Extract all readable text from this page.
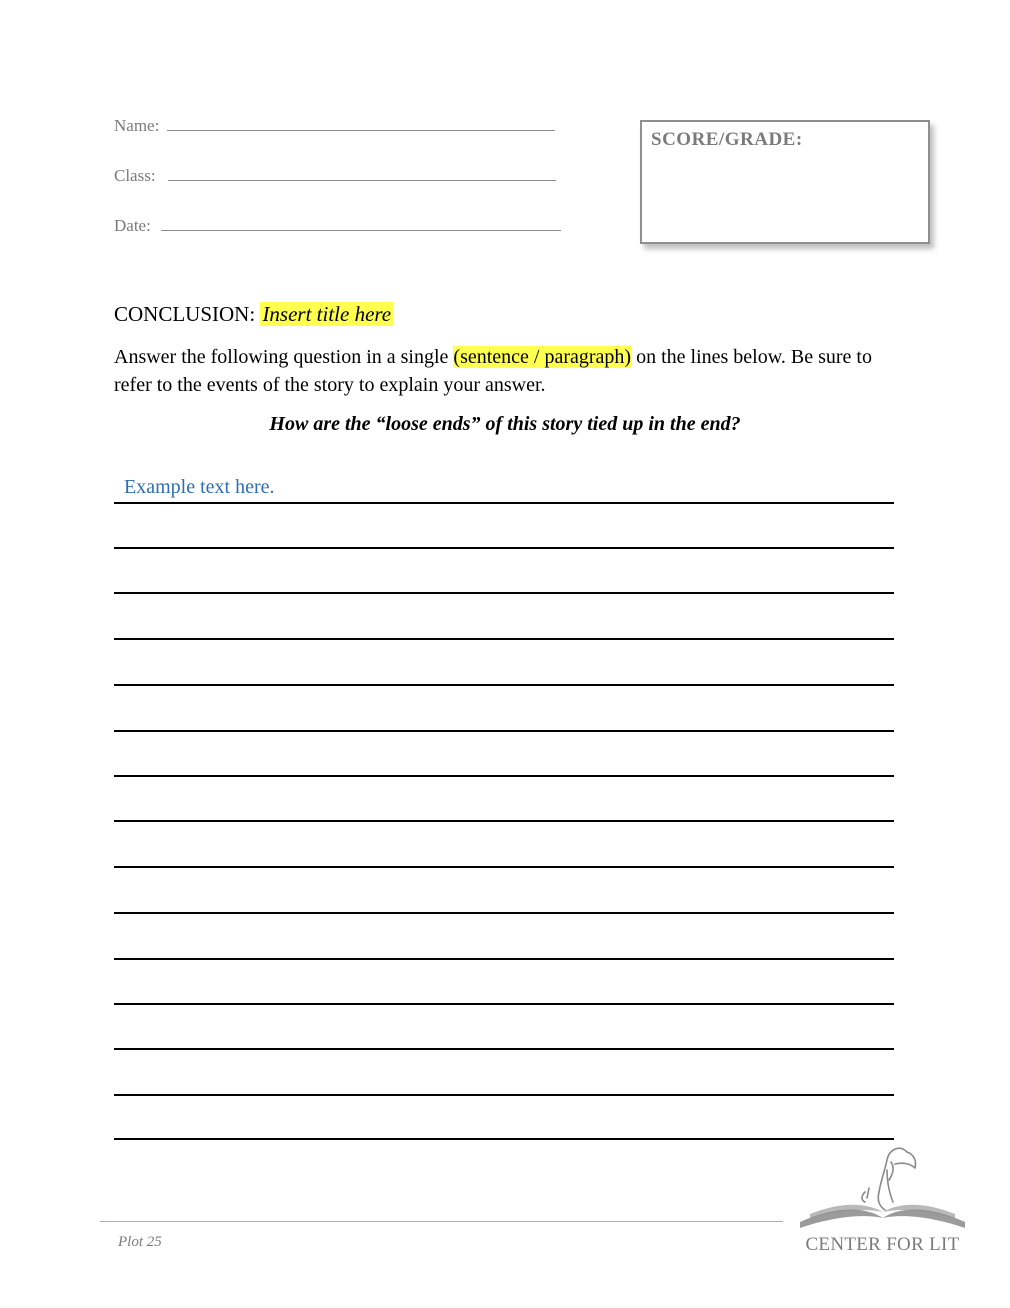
Name:
Class:
Date:
SCORE/GRADE:
CONCLUSION: Insert title here
Answer the following question in a single (sentence / paragraph) on the lines below. Be sure to refer to the events of the story to explain your answer.
How are the “loose ends” of this story tied up in the end?
Example text here.
Plot 25	CENTER FOR LIT
